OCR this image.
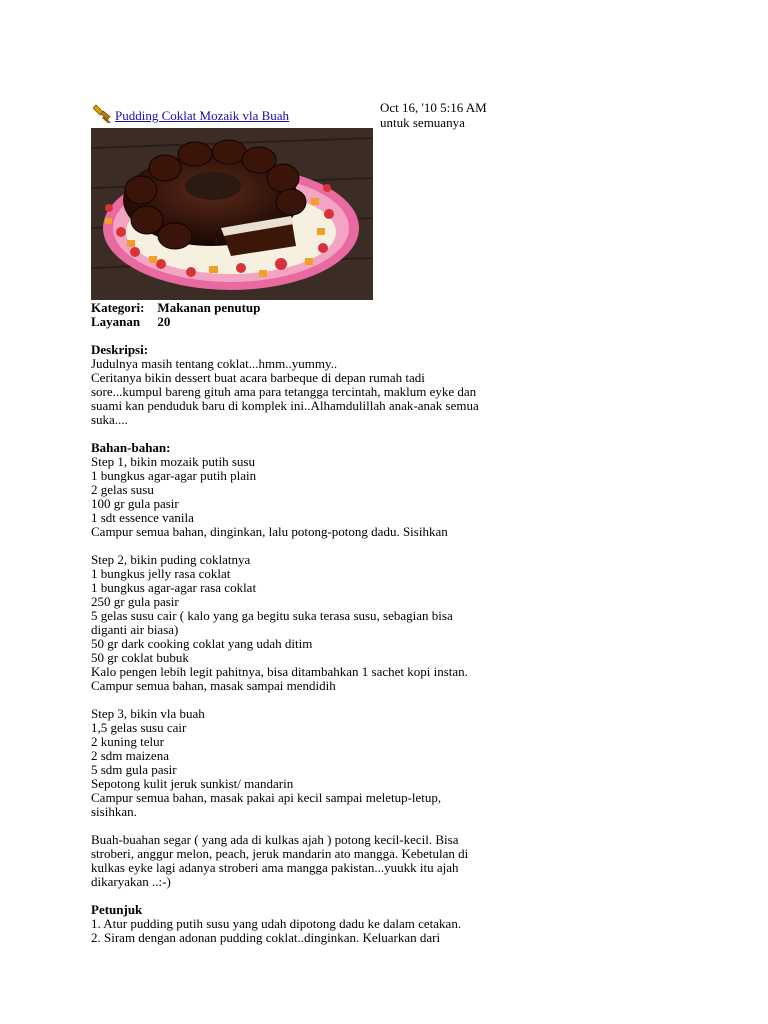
Pudding Coklat Mozaik vla Buah
Oct 16, '10 5:16 AM
untuk semuanya
Kategori:	Makanan penutup
Layanan	20

Deskripsi:
Judulnya masih tentang coklat...hmm..yummy..
Ceritanya bikin dessert buat acara barbeque di depan rumah tadi
sore...kumpul bareng gituh ama para tetangga tercintah, maklum eyke dan
suami kan penduduk baru di komplek ini..Alhamdulillah anak-anak semua
suka....

Bahan-bahan:
Step 1, bikin mozaik putih susu
1 bungkus agar-agar putih plain
2 gelas susu
100 gr gula pasir
1 sdt essence vanila
Campur semua bahan, dinginkan, lalu potong-potong dadu. Sisihkan

Step 2, bikin puding coklatnya
1 bungkus jelly rasa coklat
1 bungkus agar-agar rasa coklat
250 gr gula pasir
5 gelas susu cair ( kalo yang ga begitu suka terasa susu, sebagian bisa
diganti air biasa)
50 gr dark cooking coklat yang udah ditim
50 gr coklat bubuk
Kalo pengen lebih legit pahitnya, bisa ditambahkan 1 sachet kopi instan.
Campur semua bahan, masak sampai mendidih

Step 3, bikin vla buah
1,5 gelas susu cair
2 kuning telur
2 sdm maizena
5 sdm gula pasir
Sepotong kulit jeruk sunkist/ mandarin
Campur semua bahan, masak pakai api kecil sampai meletup-letup,
sisihkan.

Buah-buahan segar ( yang ada di kulkas ajah ) potong kecil-kecil. Bisa
stroberi, anggur melon, peach, jeruk mandarin ato mangga. Kebetulan di
kulkas eyke lagi adanya stroberi ama mangga pakistan...yuukk itu ajah
dikaryakan ..:-)

Petunjuk
1. Atur pudding putih susu yang udah dipotong dadu ke dalam cetakan.
2. Siram dengan adonan pudding coklat..dinginkan. Keluarkan dari
